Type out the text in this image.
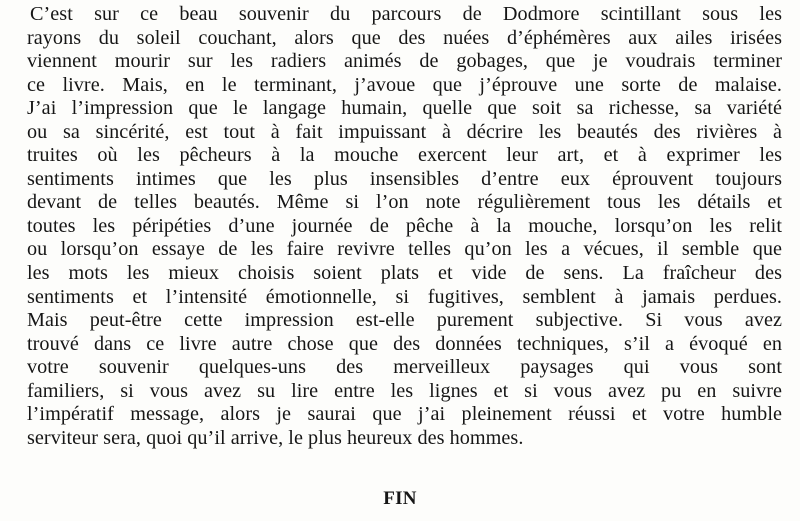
C’est sur ce beau souvenir du parcours de Dodmore scintillant sous les
rayons du soleil couchant, alors que des nuées d’éphémères aux ailes irisées
viennent mourir sur les radiers animés de gobages, que je voudrais terminer
ce livre. Mais, en le terminant, j’avoue que j’éprouve une sorte de malaise.
J’ai l’impression que le langage humain, quelle que soit sa richesse, sa variété
ou sa sincérité, est tout à fait impuissant à décrire les beautés des rivières à
truites où les pêcheurs à la mouche exercent leur art, et à exprimer les
sentiments intimes que les plus insensibles d’entre eux éprouvent toujours
devant de telles beautés. Même si l’on note régulièrement tous les détails et
toutes les péripéties d’une journée de pêche à la mouche, lorsqu’on les relit
ou lorsqu’on essaye de les faire revivre telles qu’on les a vécues, il semble que
les mots les mieux choisis soient plats et vide de sens. La fraîcheur des
sentiments et l’intensité émotionnelle, si fugitives, semblent à jamais perdues.
Mais peut-être cette impression est-elle purement subjective. Si vous avez
trouvé dans ce livre autre chose que des données techniques, s’il a évoqué en
votre souvenir quelques-uns des merveilleux paysages qui vous sont
familiers, si vous avez su lire entre les lignes et si vous avez pu en suivre
l’impératif message, alors je saurai que j’ai pleinement réussi et votre humble
serviteur sera, quoi qu’il arrive, le plus heureux des hommes.
FIN
